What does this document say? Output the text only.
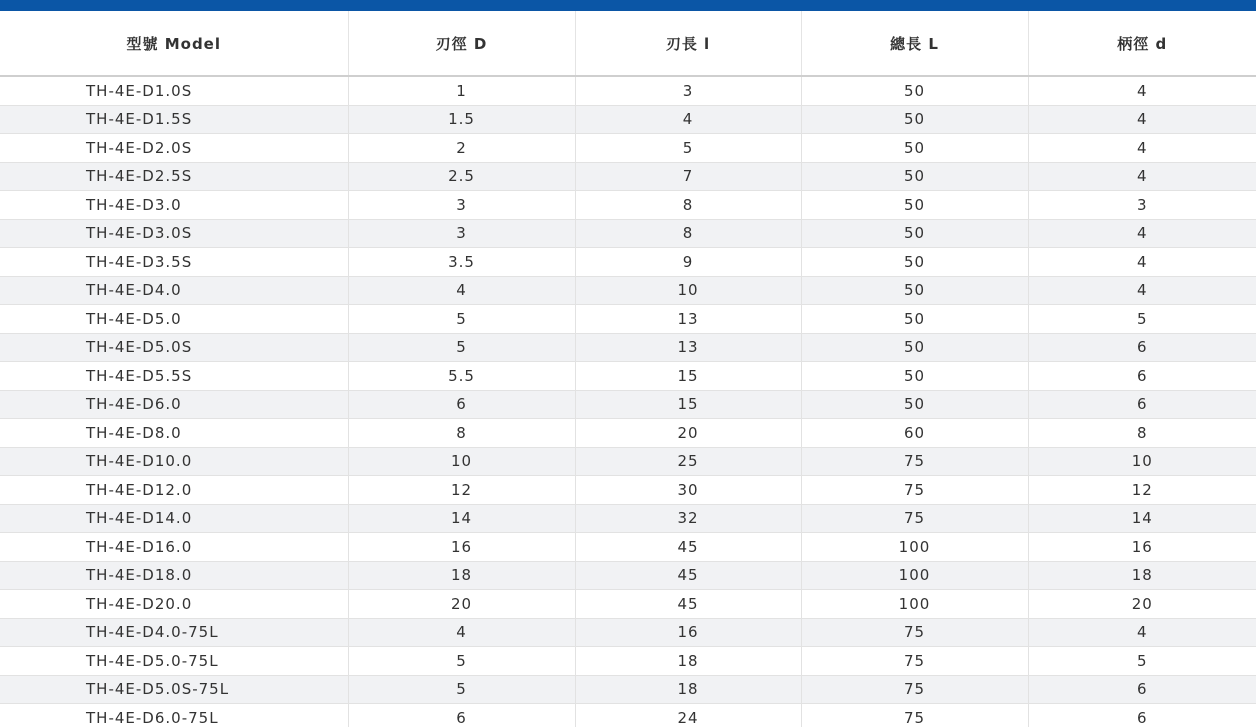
型號 Model	刃徑 D	刃長 l	總長 L	柄徑 d
TH-4E-D1.0S	1	3	50	4
TH-4E-D1.5S	1.5	4	50	4
TH-4E-D2.0S	2	5	50	4
TH-4E-D2.5S	2.5	7	50	4
TH-4E-D3.0	3	8	50	3
TH-4E-D3.0S	3	8	50	4
TH-4E-D3.5S	3.5	9	50	4
TH-4E-D4.0	4	10	50	4
TH-4E-D5.0	5	13	50	5
TH-4E-D5.0S	5	13	50	6
TH-4E-D5.5S	5.5	15	50	6
TH-4E-D6.0	6	15	50	6
TH-4E-D8.0	8	20	60	8
TH-4E-D10.0	10	25	75	10
TH-4E-D12.0	12	30	75	12
TH-4E-D14.0	14	32	75	14
TH-4E-D16.0	16	45	100	16
TH-4E-D18.0	18	45	100	18
TH-4E-D20.0	20	45	100	20
TH-4E-D4.0-75L	4	16	75	4
TH-4E-D5.0-75L	5	18	75	5
TH-4E-D5.0S-75L	5	18	75	6
TH-4E-D6.0-75L	6	24	75	6
